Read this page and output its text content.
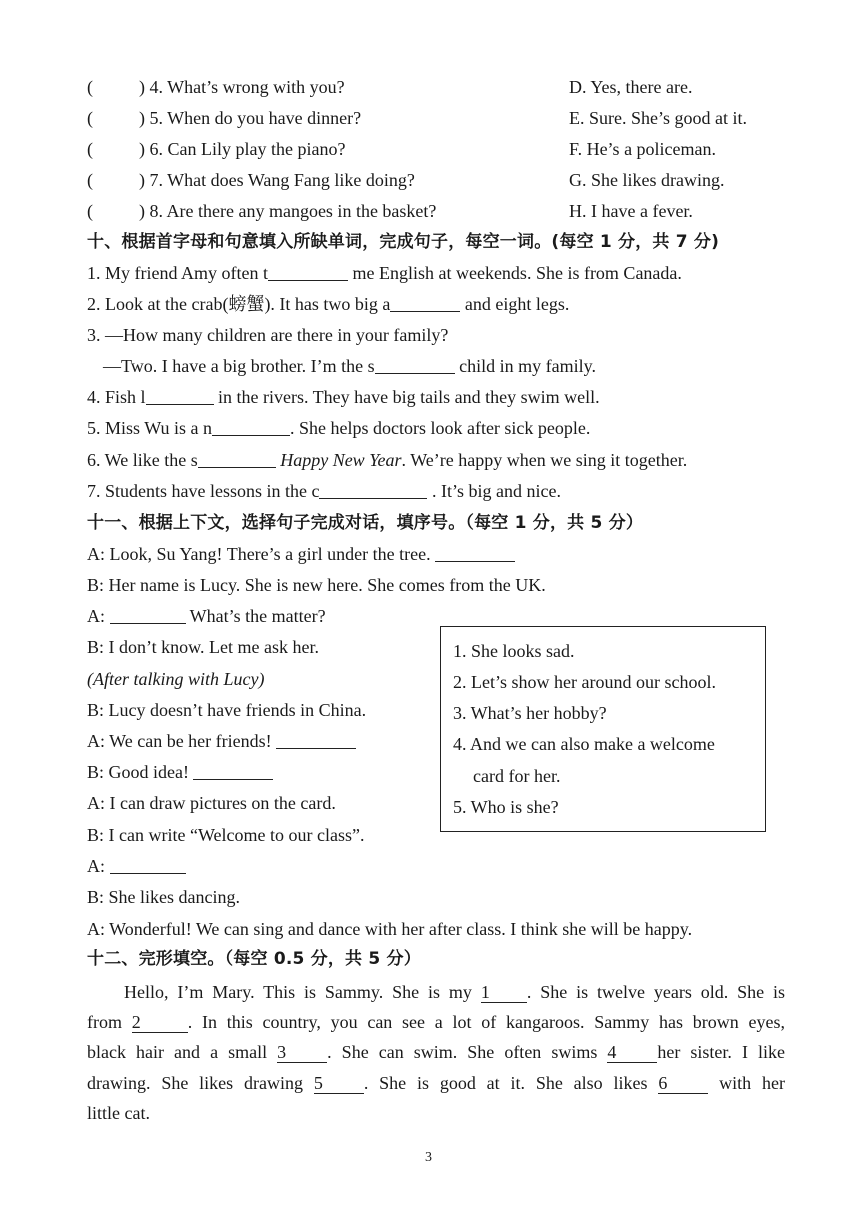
(	) 4. What’s wrong with you?	D. Yes, there are.
(	) 5. When do you have dinner?	E. Sure. She’s good at it.
(	) 6. Can Lily play the piano?	F. He’s a policeman.
(	) 7. What does Wang Fang like doing?	G. She likes drawing.
(	) 8. Are there any mangoes in the basket?	H. I have a fever.
十、根据首字母和句意填入所缺单词，完成句子，每空一词。(每空 1 分，共 7 分)
1. My friend Amy often t	me English at weekends. She is from Canada.
2. Look at the crab(螃蟹). It has two big a	and eight legs.
3. —How many children are there in your family?
—Two. I have a big brother. I’m the s	child in my family.
4. Fish l	in the rivers. They have big tails and they swim well.
5. Miss Wu is a n	. She helps doctors look after sick people.
6. We like the s	Happy New Year. We’re happy when we sing it together.
7. Students have lessons in the c	. It’s big and nice.
十一、根据上下文，选择句子完成对话，填序号。（每空 1 分，共 5 分）
A: Look, Su Yang! There’s a girl under the tree.
B: Her name is Lucy. She is new here. She comes from the UK.
A:	What’s the matter?
B: I don’t know. Let me ask her.
(After talking with Lucy)
B: Lucy doesn’t have friends in China.
A: We can be her friends!
B: Good idea!
A: I can draw pictures on the card.
B: I can write “Welcome to our class”.
A:
B: She likes dancing.
A: Wonderful! We can sing and dance with her after class. I think she will be happy.
1. She looks sad.
2. Let’s show her around our school.
3. What’s her hobby?
4. And we can also make a welcome
card for her.
5. Who is she?
十二、完形填空。（每空 0.5 分，共 5 分）
Hello, I’m Mary. This is Sammy. She is my 1 . She is twelve years old. She is
from 2	. In this country, you can see a lot of kangaroos. Sammy has brown eyes,
black hair and a small 3 . She can swim. She often swims 4 her sister. I like
drawing. She likes drawing 5 . She is good at it. She also likes 6 with her
little cat.
3
